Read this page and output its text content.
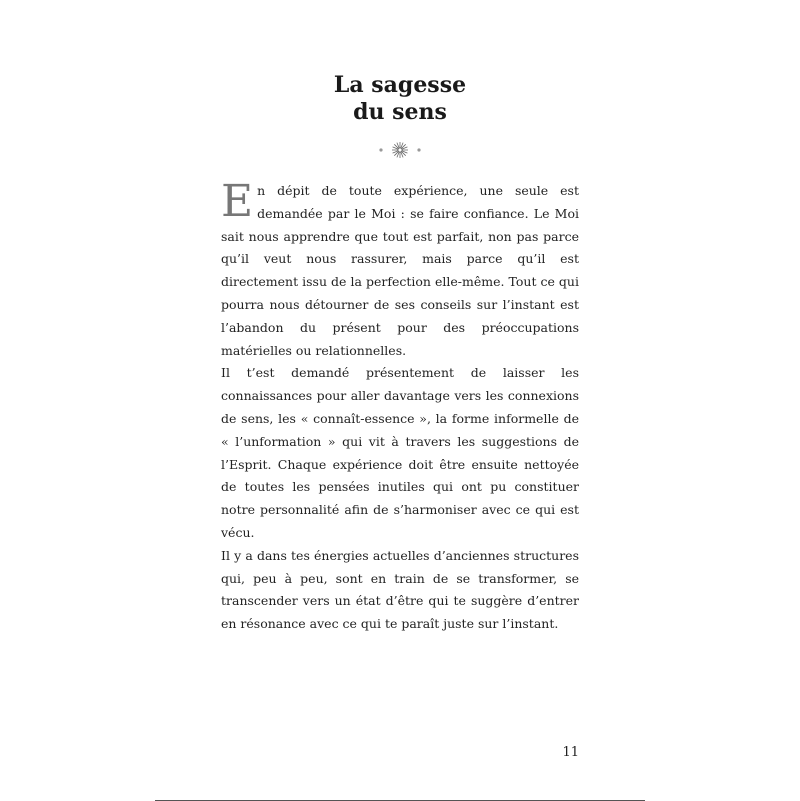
La sagesse
du sens

En dépit de toute expérience, une seule est demandée par le Moi : se faire confiance. Le Moi sait nous apprendre que tout est parfait, non pas parce qu’il veut nous rassurer, mais parce qu’il est directement issu de la perfection elle-même. Tout ce qui pourra nous détourner de ses conseils sur l’instant est l’abandon du présent pour des préoccupations matérielles ou relationnelles.

Il t’est demandé présentement de laisser les connaissances pour aller davantage vers les connexions de sens, les « connaît-essence », la forme informelle de « l’unformation » qui vit à travers les suggestions de l’Esprit. Chaque expérience doit être ensuite nettoyée de toutes les pensées inutiles qui ont pu constituer notre personnalité afin de s’harmoniser avec ce qui est vécu.

Il y a dans tes énergies actuelles d’anciennes structures qui, peu à peu, sont en train de se transformer, se transcender vers un état d’être qui te suggère d’entrer en résonance avec ce qui te paraît juste sur l’instant.

11
